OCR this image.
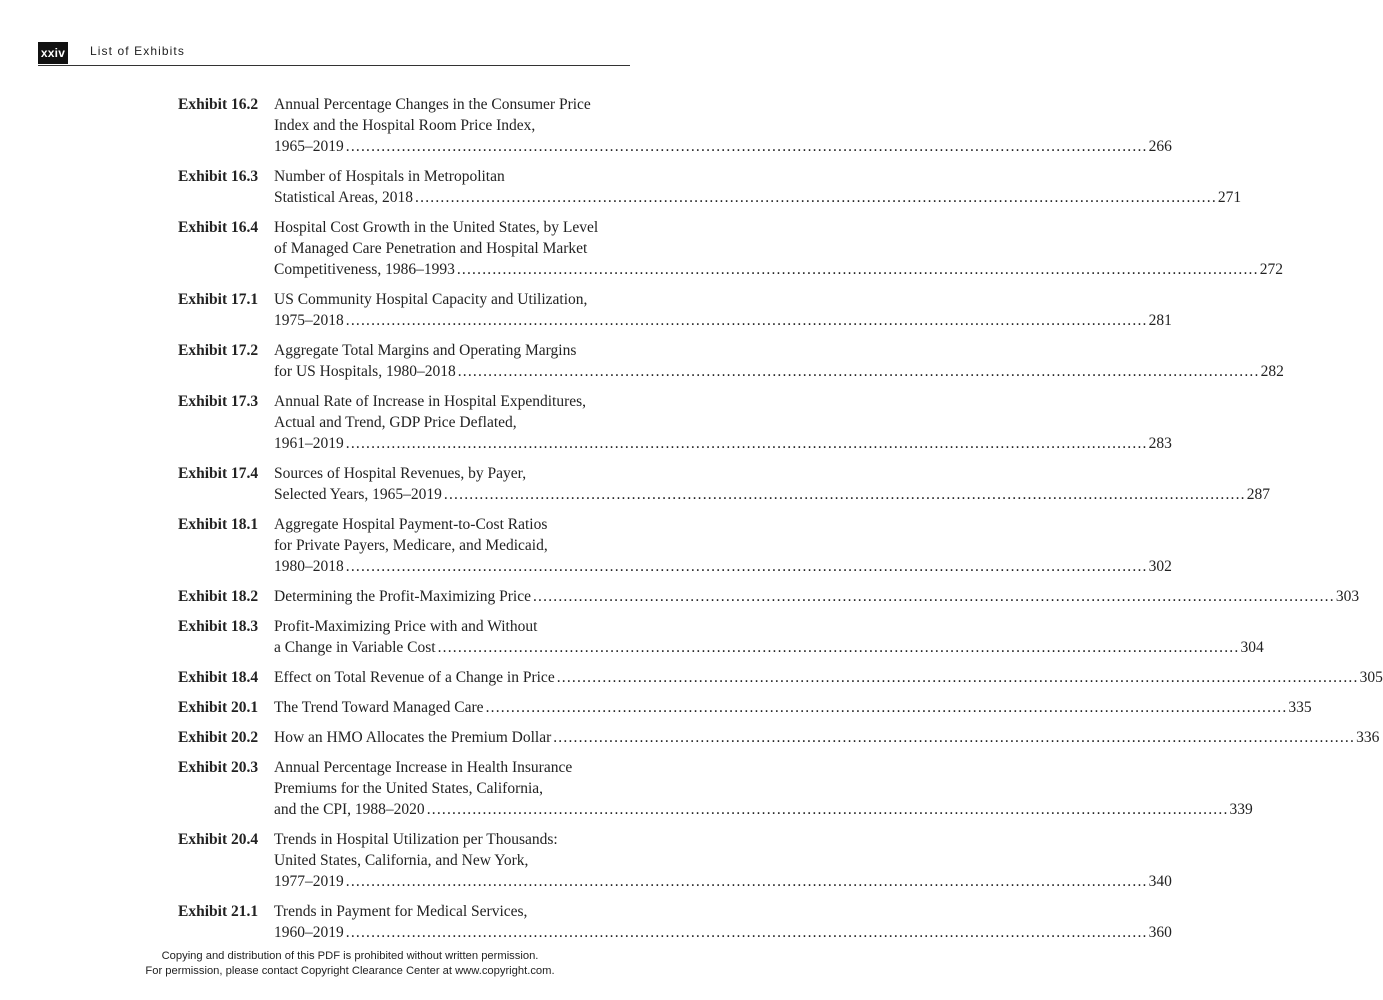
xxiv List of Exhibits
Exhibit 16.2	Annual Percentage Changes in the Consumer Price
Index and the Hospital Room Price Index,
1965–2019 .....	266
Exhibit 16.3	Number of Hospitals in Metropolitan
Statistical Areas, 2018 .....	271
Exhibit 16.4	Hospital Cost Growth in the United States, by Level
of Managed Care Penetration and Hospital Market
Competitiveness, 1986–1993 .....	272
Exhibit 17.1	US Community Hospital Capacity and Utilization,
1975–2018 .....	281
Exhibit 17.2	Aggregate Total Margins and Operating Margins
for US Hospitals, 1980–2018 .....	282
Exhibit 17.3	Annual Rate of Increase in Hospital Expenditures,
Actual and Trend, GDP Price Deflated,
1961–2019 .....	283
Exhibit 17.4	Sources of Hospital Revenues, by Payer,
Selected Years, 1965–2019 .....	287
Exhibit 18.1	Aggregate Hospital Payment-to-Cost Ratios
for Private Payers, Medicare, and Medicaid,
1980–2018 .....	302
Exhibit 18.2	Determining the Profit-Maximizing Price .....	303
Exhibit 18.3	Profit-Maximizing Price with and Without
a Change in Variable Cost .....	304
Exhibit 18.4	Effect on Total Revenue of a Change in Price .....	305
Exhibit 20.1	The Trend Toward Managed Care .....	335
Exhibit 20.2	How an HMO Allocates the Premium Dollar .....	336
Exhibit 20.3	Annual Percentage Increase in Health Insurance
Premiums for the United States, California,
and the CPI, 1988–2020 .....	339
Exhibit 20.4	Trends in Hospital Utilization per Thousands:
United States, California, and New York,
1977–2019 .....	340
Exhibit 21.1	Trends in Payment for Medical Services,
1960–2019 .....	360
Copying and distribution of this PDF is prohibited without written permission.
For permission, please contact Copyright Clearance Center at www.copyright.com.
